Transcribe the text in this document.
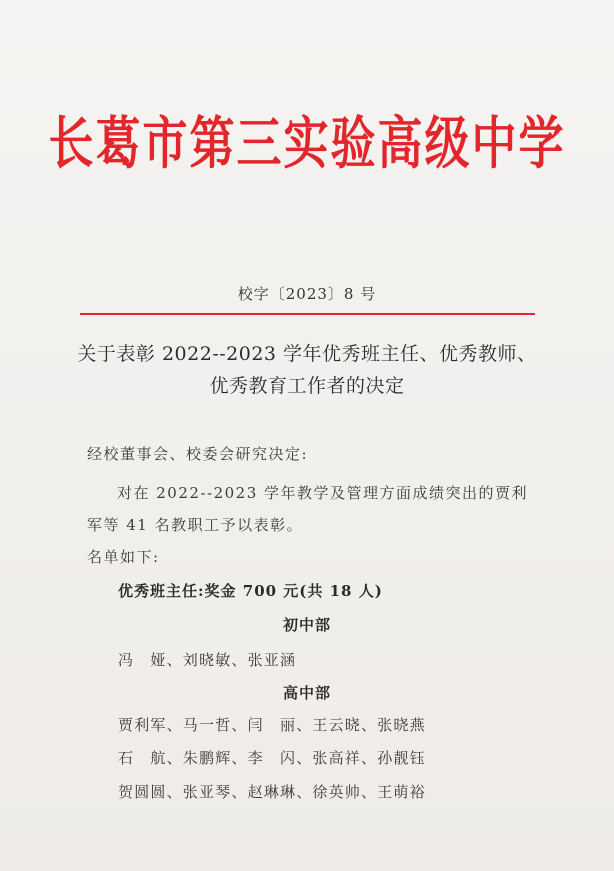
长葛市第三实验高级中学
校字〔2023〕8 号
关于表彰 2022--2023 学年优秀班主任、优秀教师、
优秀教育工作者的决定
经校董事会、校委会研究决定:
对在 2022--2023 学年教学及管理方面成绩突出的贾利
军等 41 名教职工予以表彰。
名单如下:
优秀班主任:奖金 700 元(共 18 人)
初中部
冯　娅、刘晓敏、张亚涵
高中部
贾利军、马一哲、闫　丽、王云晓、张晓燕
石　航、朱鹏辉、李　闪、张高祥、孙靓钰
贺圆圆、张亚琴、赵琳琳、徐英帅、王萌裕
